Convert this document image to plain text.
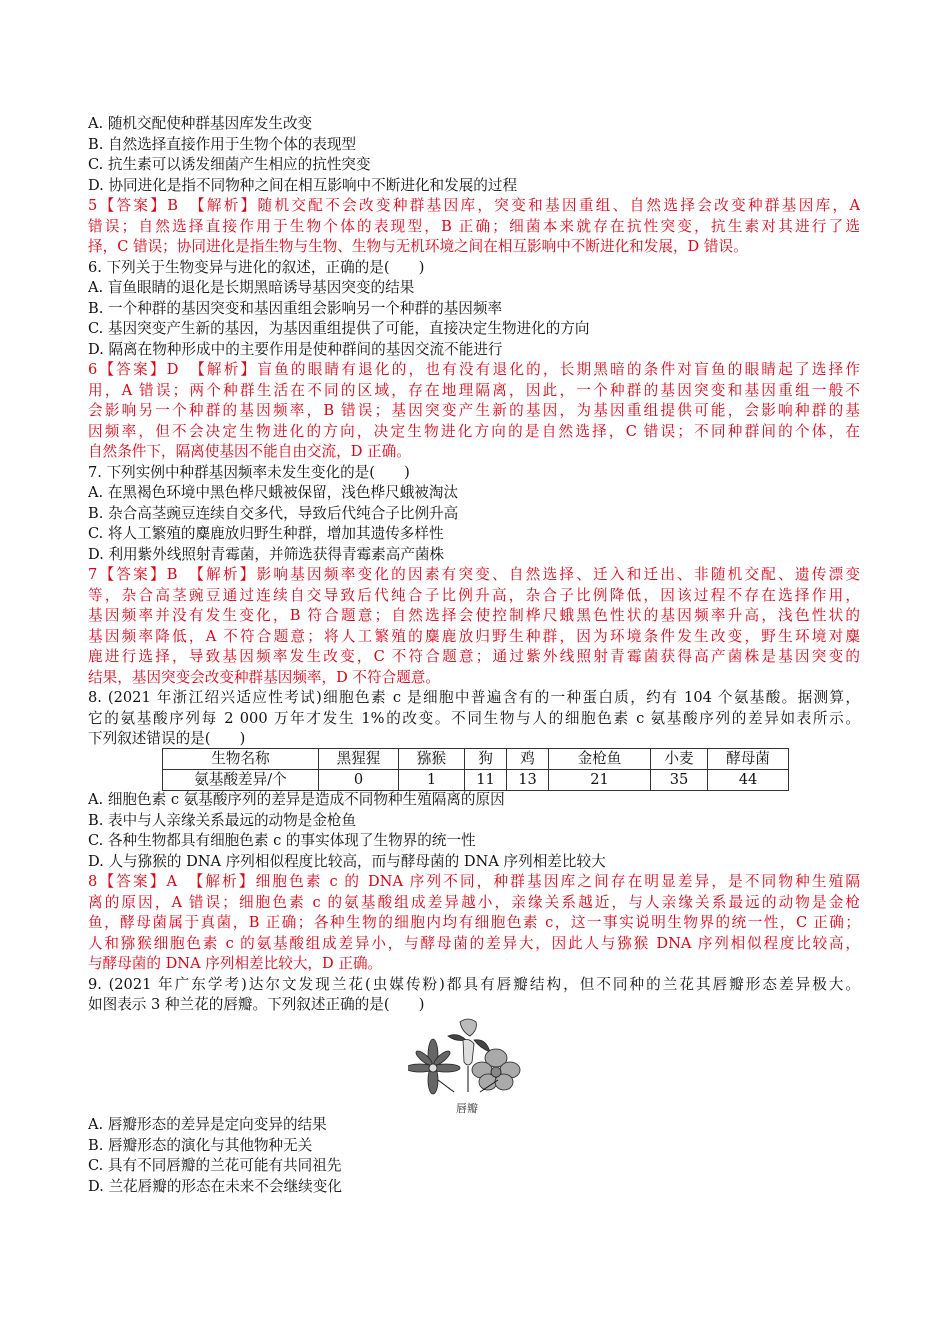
A. 随机交配使种群基因库发生改变
B. 自然选择直接作用于生物个体的表现型
C. 抗生素可以诱发细菌产生相应的抗性突变
D. 协同进化是指不同物种之间在相互影响中不断进化和发展的过程
5【答案】B　【解析】随机交配不会改变种群基因库，突变和基因重组、自然选择会改变种群基因库，A
错误；自然选择直接作用于生物个体的表现型，B 正确；细菌本来就存在抗性突变，抗生素对其进行了选
择，C 错误；协同进化是指生物与生物、生物与无机环境之间在相互影响中不断进化和发展，D 错误。
6. 下列关于生物变异与进化的叙述，正确的是(　　)
A. 盲鱼眼睛的退化是长期黑暗诱导基因突变的结果
B. 一个种群的基因突变和基因重组会影响另一个种群的基因频率
C. 基因突变产生新的基因，为基因重组提供了可能，直接决定生物进化的方向
D. 隔离在物种形成中的主要作用是使种群间的基因交流不能进行
6【答案】D　【解析】盲鱼的眼睛有退化的，也有没有退化的，长期黑暗的条件对盲鱼的眼睛起了选择作
用，A 错误；两个种群生活在不同的区域，存在地理隔离，因此，一个种群的基因突变和基因重组一般不
会影响另一个种群的基因频率，B 错误；基因突变产生新的基因，为基因重组提供可能，会影响种群的基
因频率，但不会决定生物进化的方向，决定生物进化方向的是自然选择，C 错误；不同种群间的个体，在
自然条件下，隔离使基因不能自由交流，D 正确。
7. 下列实例中种群基因频率未发生变化的是(　　)
A. 在黑褐色环境中黑色桦尺蛾被保留，浅色桦尺蛾被淘汰
B. 杂合高茎豌豆连续自交多代，导致后代纯合子比例升高
C. 将人工繁殖的麋鹿放归野生种群，增加其遗传多样性
D. 利用紫外线照射青霉菌，并筛选获得青霉素高产菌株
7【答案】B　【解析】影响基因频率变化的因素有突变、自然选择、迁入和迁出、非随机交配、遗传漂变
等，杂合高茎豌豆通过连续自交导致后代纯合子比例升高，杂合子比例降低，因该过程不存在选择作用，
基因频率并没有发生变化，B 符合题意；自然选择会使控制桦尺蛾黑色性状的基因频率升高，浅色性状的
基因频率降低，A 不符合题意；将人工繁殖的麋鹿放归野生种群，因为环境条件发生改变，野生环境对麋
鹿进行选择，导致基因频率发生改变，C 不符合题意；通过紫外线照射青霉菌获得高产菌株是基因突变的
结果，基因突变会改变种群基因频率，D 不符合题意。
8. (2021 年浙江绍兴适应性考试)细胞色素 c 是细胞中普遍含有的一种蛋白质，约有 104 个氨基酸。据测算，
它的氨基酸序列每 2 000 万年才发生 1%的改变。不同生物与人的细胞色素 c 氨基酸序列的差异如表所示。
下列叙述错误的是(　　)
生物名称	黑猩猩	猕猴	狗	鸡	金枪鱼	小麦	酵母菌
氨基酸差异/个	0	1	11	13	21	35	44
A. 细胞色素 c 氨基酸序列的差异是造成不同物种生殖隔离的原因
B. 表中与人亲缘关系最远的动物是金枪鱼
C. 各种生物都具有细胞色素 c 的事实体现了生物界的统一性
D. 人与猕猴的 DNA 序列相似程度比较高，而与酵母菌的 DNA 序列相差比较大
8【答案】A　【解析】细胞色素 c 的 DNA 序列不同，种群基因库之间存在明显差异，是不同物种生殖隔
离的原因，A 错误；细胞色素 c 的氨基酸组成差异越小，亲缘关系越近，与人亲缘关系最远的动物是金枪
鱼，酵母菌属于真菌，B 正确；各种生物的细胞内均有细胞色素 c，这一事实说明生物界的统一性，C 正确；
人和猕猴细胞色素 c 的氨基酸组成差异小，与酵母菌的差异大，因此人与猕猴 DNA 序列相似程度比较高，
与酵母菌的 DNA 序列相差比较大，D 正确。
9. (2021 年广东学考)达尔文发现兰花(虫媒传粉)都具有唇瓣结构，但不同种的兰花其唇瓣形态差异极大。
如图表示 3 种兰花的唇瓣。下列叙述正确的是(　　)
唇瓣
A. 唇瓣形态的差异是定向变异的结果
B. 唇瓣形态的演化与其他物种无关
C. 具有不同唇瓣的兰花可能有共同祖先
D. 兰花唇瓣的形态在未来不会继续变化
